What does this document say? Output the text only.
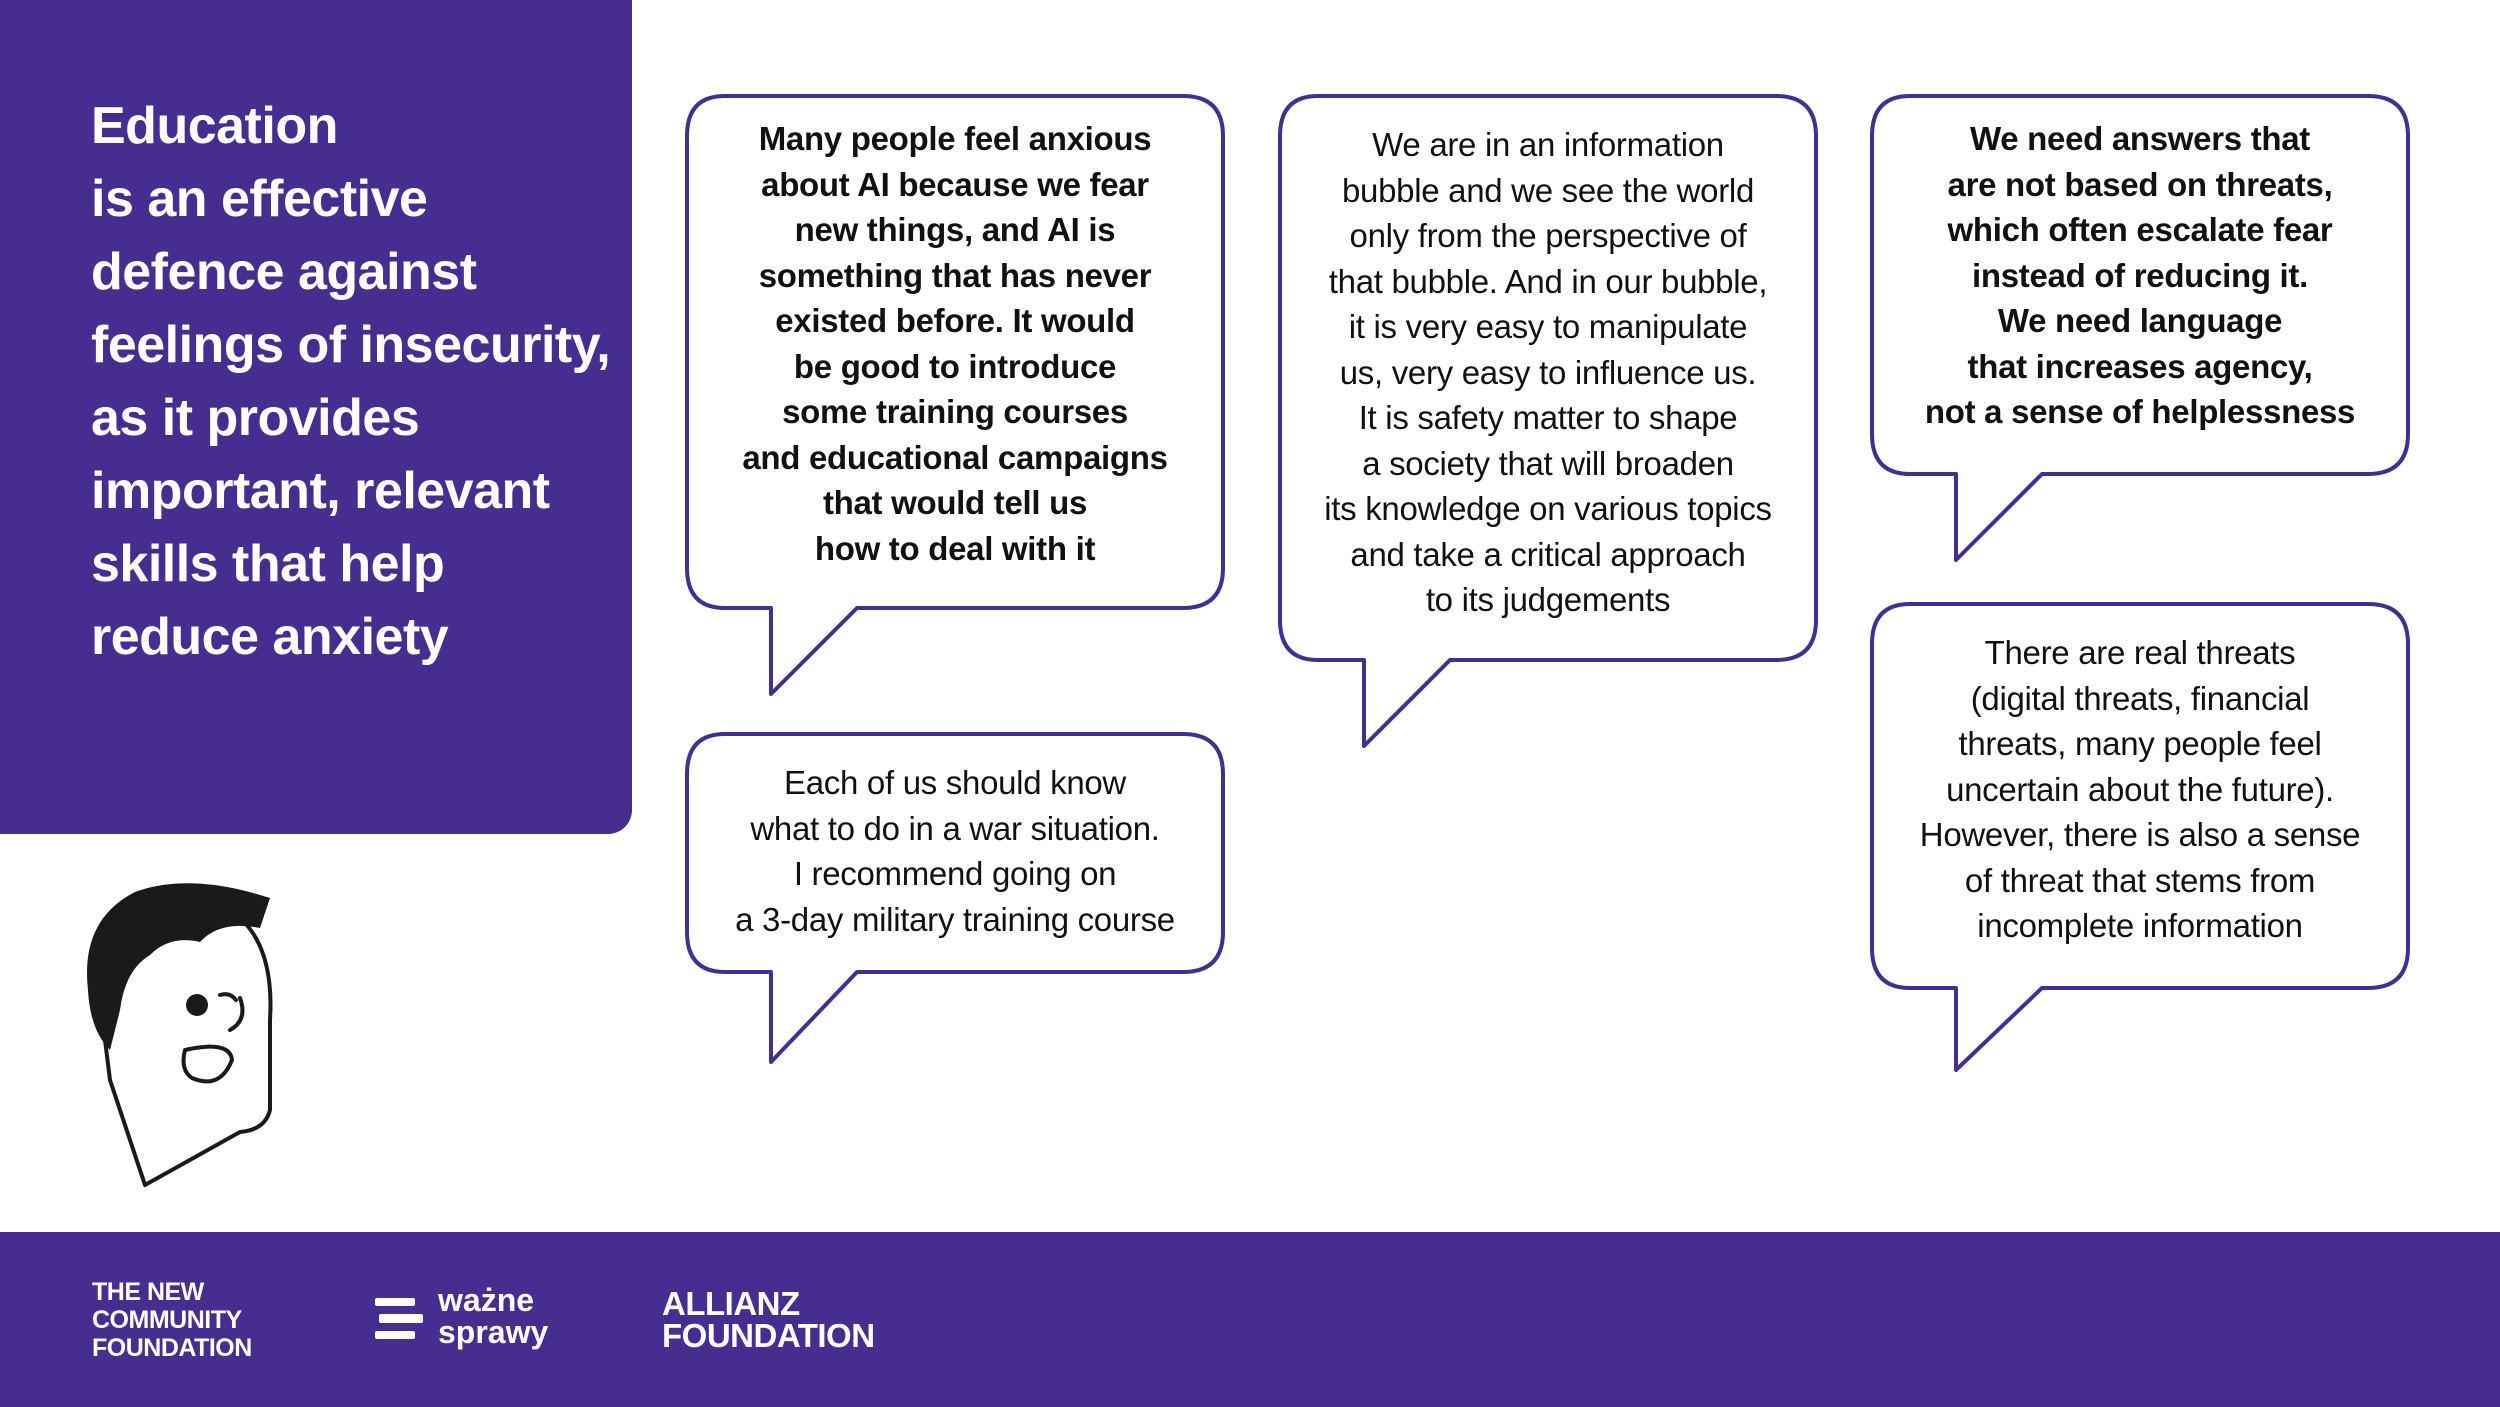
Education
is an effective
defence against
feelings of insecurity,
as it provides
important, relevant
skills that help
reduce anxiety
Many people feel anxious
about AI because we fear
new things, and AI is
something that has never
existed before. It would
be good to introduce
some training courses
and educational campaigns
that would tell us
how to deal with it
Each of us should know
what to do in a war situation.
I recommend going on
a 3-day military training course
We are in an information
bubble and we see the world
only from the perspective of
that bubble. And in our bubble,
it is very easy to manipulate
us, very easy to influence us.
It is safety matter to shape
a society that will broaden
its knowledge on various topics
and take a critical approach
to its judgements
We need answers that
are not based on threats,
which often escalate fear
instead of reducing it.
We need language
that increases agency,
not a sense of helplessness
There are real threats
(digital threats, financial
threats, many people feel
uncertain about the future).
However, there is also a sense
of threat that stems from
incomplete information
THE NEW
COMMUNITY
FOUNDATION
ważne
sprawy
ALLIANZ
FOUNDATION
